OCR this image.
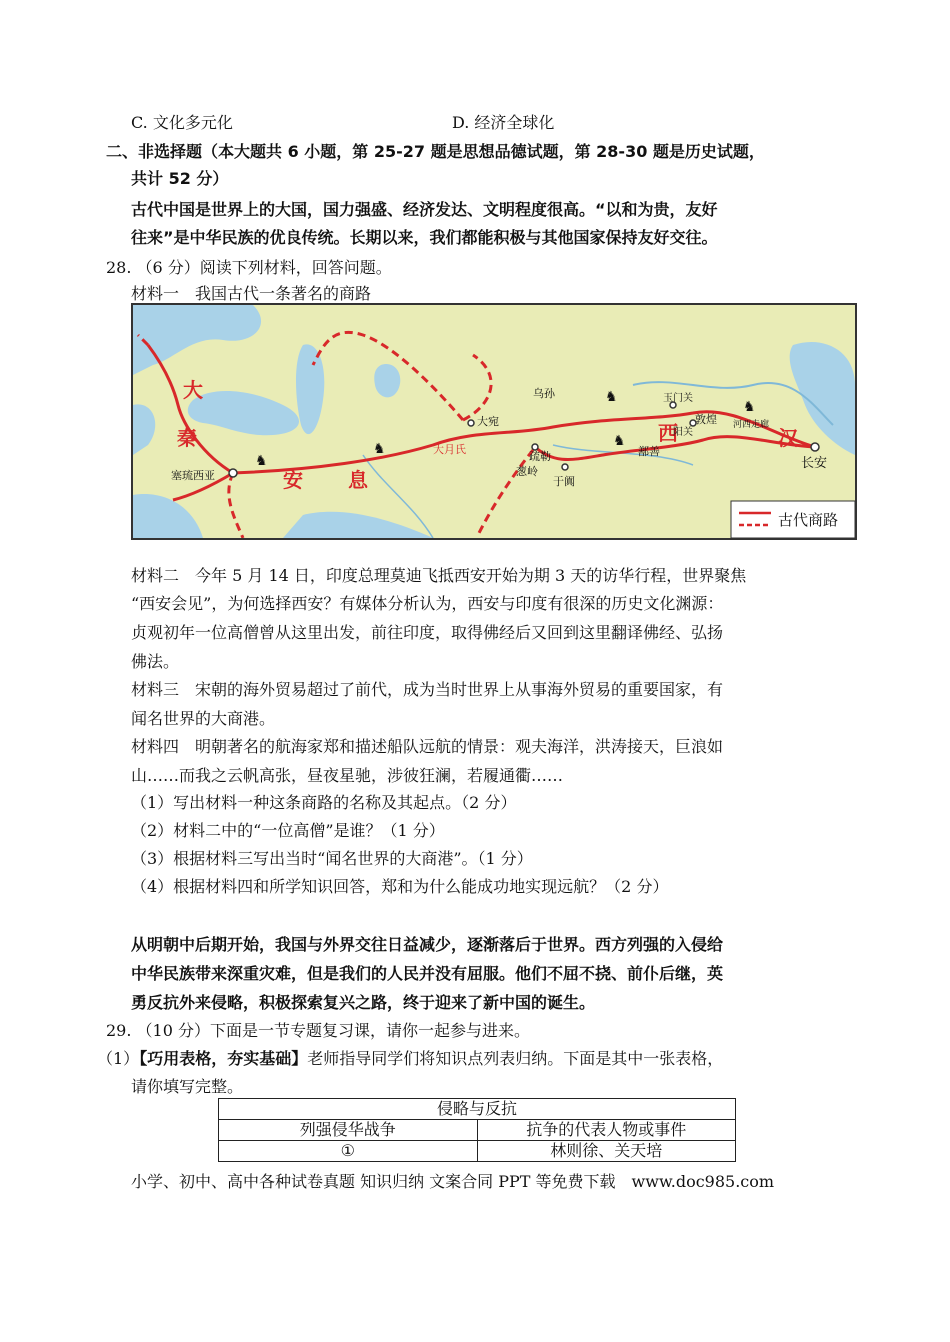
C. 文化多元化	D. 经济全球化
二、非选择题（本大题共 6 小题，第 25-27 题是思想品德试题，第 28-30 题是历史试题，
共计 52 分）
古代中国是世界上的大国，国力强盛、经济发达、文明程度很高。“以和为贵，友好
往来”是中华民族的优良传统。长期以来，我们都能积极与其他国家保持友好交往。
28. （6 分）阅读下列材料，回答问题。
材料一　我国古代一条著名的商路
♞
♞
♞
♞
♞
大
秦
安 息
西	汉
大宛
乌孙
疏勒
葱岭
大月氏
于阗
玉门关
阳关
敦煌 河西走廊
鄯善
长安
塞琉西亚
古代商路
材料二　今年 5 月 14 日，印度总理莫迪飞抵西安开始为期 3 天的访华行程，世界聚焦
“西安会见”，为何选择西安？有媒体分析认为，西安与印度有很深的历史文化渊源：
贞观初年一位高僧曾从这里出发，前往印度，取得佛经后又回到这里翻译佛经、弘扬
佛法。
材料三　宋朝的海外贸易超过了前代，成为当时世界上从事海外贸易的重要国家，有
闻名世界的大商港。
材料四　明朝著名的航海家郑和描述船队远航的情景：观夫海洋，洪涛接天，巨浪如
山……而我之云帆高张，昼夜星驰，涉彼狂澜，若履通衢……
（1）写出材料一种这条商路的名称及其起点。（2 分）
（2）材料二中的“一位高僧”是谁？（1 分）
（3）根据材料三写出当时“闻名世界的大商港”。（1 分）
（4）根据材料四和所学知识回答，郑和为什么能成功地实现远航？（2 分）
从明朝中后期开始，我国与外界交往日益减少，逐渐落后于世界。西方列强的入侵给
中华民族带来深重灾难，但是我们的人民并没有屈服。他们不屈不挠、前仆后继，英
勇反抗外来侵略，积极探索复兴之路，终于迎来了新中国的诞生。
29. （10 分）下面是一节专题复习课，请你一起参与进来。
（1）【巧用表格，夯实基础】老师指导同学们将知识点列表归纳。下面是其中一张表格，
请你填写完整。
侵略与反抗	
列强侵华战争	抗争的代表人物或事件
①	林则徐、关天培
小学、初中、高中各种试卷真题 知识归纳 文案合同 PPT 等免费下载　www.doc985.com
